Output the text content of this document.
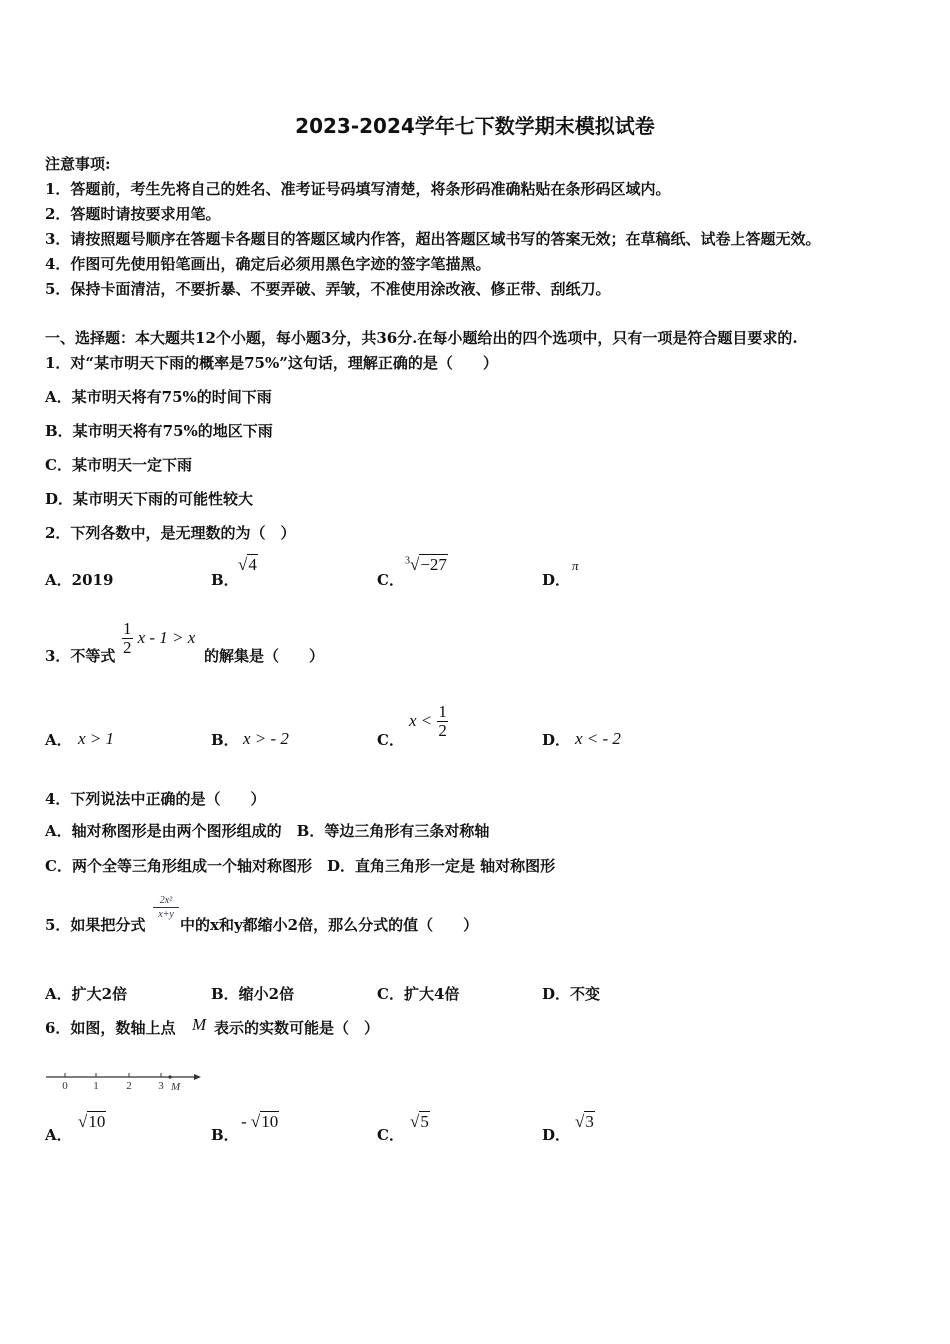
2023-2024学年七下数学期末模拟试卷
注意事项:
1．答题前，考生先将自己的姓名、准考证号码填写清楚，将条形码准确粘贴在条形码区域内。
2．答题时请按要求用笔。
3．请按照题号顺序在答题卡各题目的答题区域内作答，超出答题区域书写的答案无效；在草稿纸、试卷上答题无效。
4．作图可先使用铅笔画出，确定后必须用黑色字迹的签字笔描黑。
5．保持卡面清洁，不要折暴、不要弄破、弄皱，不准使用涂改液、修正带、刮纸刀。
一、选择题：本大题共12个小题，每小题3分，共36分.在每小题给出的四个选项中，只有一项是符合题目要求的.
1．对“某市明天下雨的概率是75%”这句话，理解正确的是（　　）
A．某市明天将有75%的时间下雨
B．某市明天将有75%的地区下雨
C．某市明天一定下雨
D．某市明天下雨的可能性较大
2．下列各数中，是无理数的为（　）
A．2019	B．
√4
C．
$^3$√−27
D．
π
3．不等式 $\frac{1}{2}$ x - 1 > x
的解集是（　　）
A． x > 1	B． x > - 2	C．
$x < \frac{1}{2}$	D． x < - 2
4．下列说法中正确的是（　　）
A．轴对称图形是由两个图形组成的　B．等边三角形有三条对称轴
C．两个全等三角形组成一个轴对称图形　D．直角三角形一定是 轴对称图形
5．如果把分式
$\frac{\text{2x²}}{x+y}$
中的x和y都缩小2倍，那么分式的值（　　）
A．扩大2倍	B．缩小2倍	C．扩大4倍	D．不变
6．如图，数轴上点 M 表示的实数可能是（　）
0 1	2 3 M
A．
√10
B．
- √10
C．
√5
D．
√3
